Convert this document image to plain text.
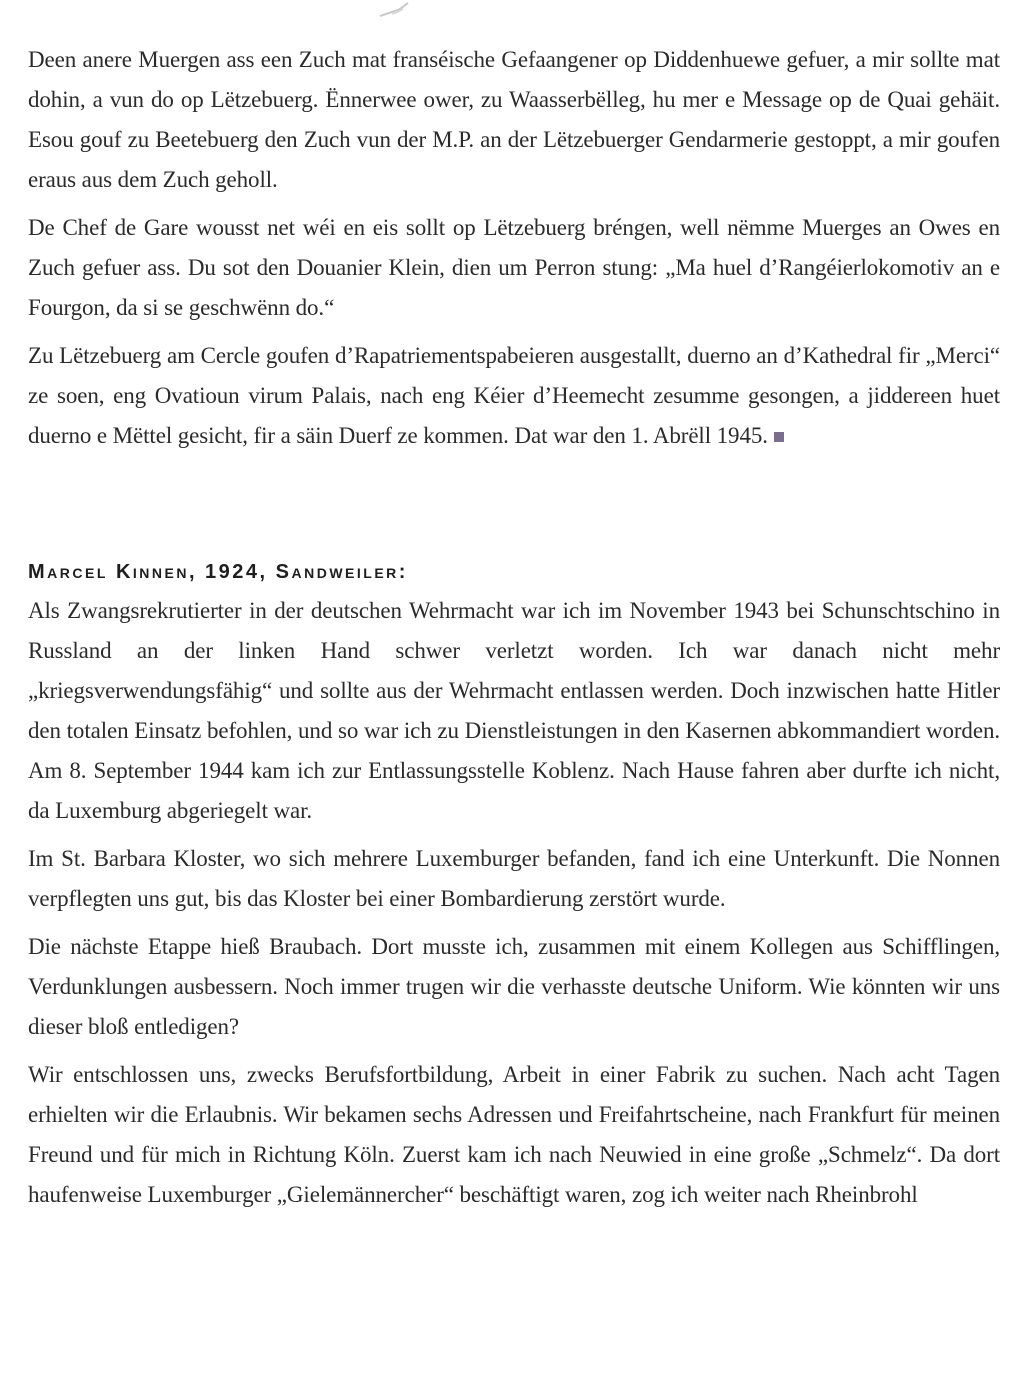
Deen anere Muergen ass een Zuch mat franséische Gefaangener op Diddenhuewe gefuer, a mir sollte mat dohin, a vun do op Lëtzebuerg. Ënnerwee ower, zu Waasserbëlleg, hu mer e Message op de Quai gehäit. Esou gouf zu Beetebuerg den Zuch vun der M.P. an der Lëtzebuerger Gendarmerie gestoppt, a mir goufen eraus aus dem Zuch geholl.

De Chef de Gare wousst net wéi en eis sollt op Lëtzebuerg bréngen, well nëmme Muerges an Owes en Zuch gefuer ass. Du sot den Douanier Klein, dien um Perron stung: „Ma huel d’Rangéierlokomotiv an e Fourgon, da si se geschwënn do.“

Zu Lëtzebuerg am Cercle goufen d’Rapatriementspabeieren ausgestallt, duerno an d’Kathedral fir „Merci“ ze soen, eng Ovatioun virum Palais, nach eng Kéier d’Heemecht zesumme gesongen, a jiddereen huet duerno e Mëttel gesicht, fir a säin Duerf ze kommen. Dat war den 1. Abrëll 1945.

Marcel Kinnen, 1924, Sandweiler:

Als Zwangsrekrutierter in der deutschen Wehrmacht war ich im November 1943 bei Schunschtschino in Russland an der linken Hand schwer verletzt worden. Ich war danach nicht mehr „kriegsverwendungsfähig“ und sollte aus der Wehrmacht entlassen werden. Doch inzwischen hatte Hitler den totalen Einsatz befohlen, und so war ich zu Dienstleistungen in den Kasernen abkommandiert worden. Am 8. September 1944 kam ich zur Entlassungsstelle Koblenz. Nach Hause fahren aber durfte ich nicht, da Luxemburg abgeriegelt war.

Im St. Barbara Kloster, wo sich mehrere Luxemburger befanden, fand ich eine Unterkunft. Die Nonnen verpflegten uns gut, bis das Kloster bei einer Bombardierung zerstört wurde.

Die nächste Etappe hieß Braubach. Dort musste ich, zusammen mit einem Kollegen aus Schifflingen, Verdunklungen ausbessern. Noch immer trugen wir die verhasste deutsche Uniform. Wie könnten wir uns dieser bloß entledigen?

Wir entschlossen uns, zwecks Berufsfortbildung, Arbeit in einer Fabrik zu suchen. Nach acht Tagen erhielten wir die Erlaubnis. Wir bekamen sechs Adressen und Freifahrtscheine, nach Frankfurt für meinen Freund und für mich in Richtung Köln. Zuerst kam ich nach Neuwied in eine große „Schmelz“. Da dort haufenweise Luxemburger „Gielemännercher“ beschäftigt waren, zog ich weiter nach Rheinbrohl
